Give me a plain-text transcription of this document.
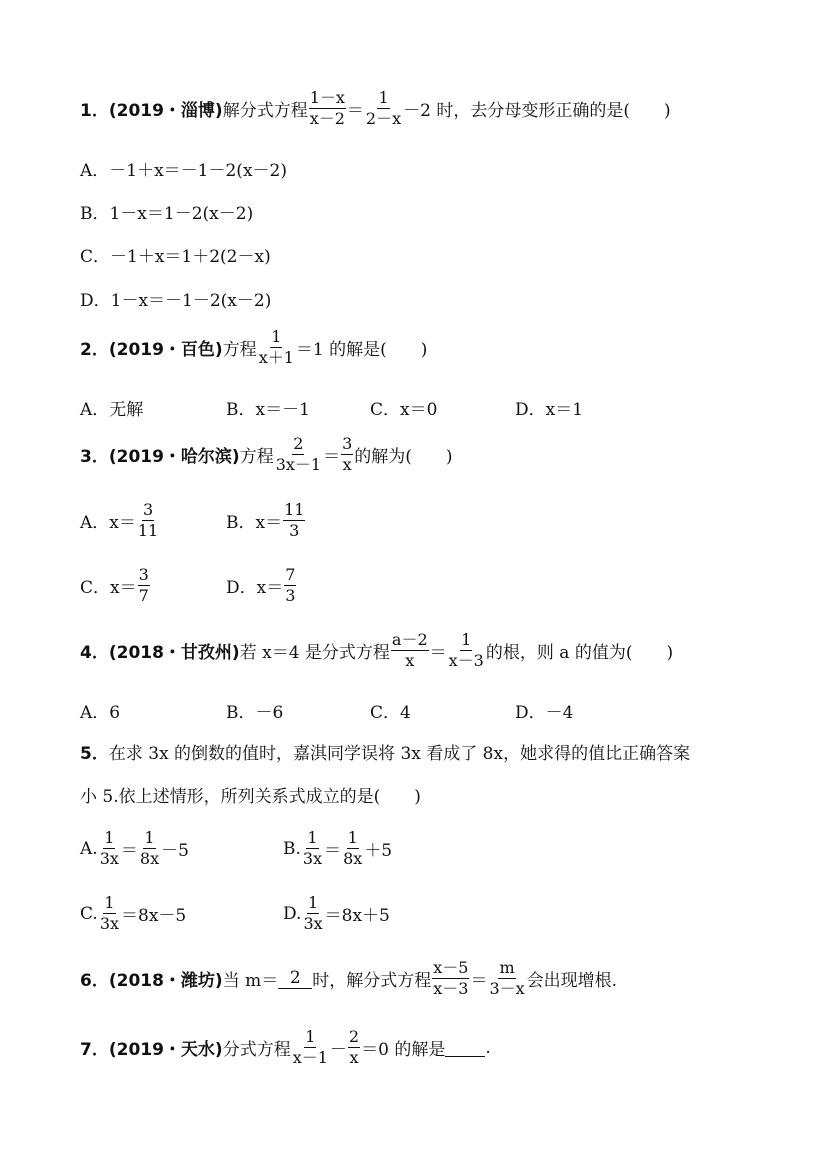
1． (2019・淄博) 解分式方程 $\frac{1-x}{x-2} = \frac{1}{2-x} -2$ 时，去分母变形正确的是(　　)
A．－1＋x＝－1－2(x－2)
B．1－x＝1－2(x－2)
C．－1＋x＝1＋2(2－x)
D．1－x＝－1－2(x－2)
2． (2019・百色) 方程 $\frac{1}{x+1} =1$ 的解是(　　)
A．无解	B．x＝－1	C．x＝0	D．x＝1
3． (2019・哈尔滨) 方程 $\frac{2}{3x-1} = \frac{3}{x}$ 的解为(　　)
A．$x= \frac{3}{11}$	B．$x= \frac{11}{3}$
C．$x= \frac{3}{7}$	D．$x= \frac{7}{3}$
4． (2018・甘孜州) 若 x＝4 是分式方程 $\frac{a-2}{x} = \frac{1}{x-3}$ 的根，则 a 的值为(　　)
A．6	B．－6	C．4	D．－4
5． 在求 3x 的倒数的值时，嘉淇同学误将 3x 看成了 8x，她求得的值比正确答案
小 5.依上述情形，所列关系式成立的是(　　)
A. $\frac{1}{3x} = \frac{1}{8x} -5$	B. $\frac{1}{3x} = \frac{1}{8x} +5$
C. $\frac{1}{3x} =8x-5$	D. $\frac{1}{3x} =8x+5$
6． (2018・潍坊) 当 m＝ 2 时，解分式方程 $\frac{x-5}{x-3} = \frac{m}{3-x}$ 会出现增根.
7． (2019・天水) 分式方程 $\frac{1}{x-1} - \frac{2}{x} =0$ 的解是 .
